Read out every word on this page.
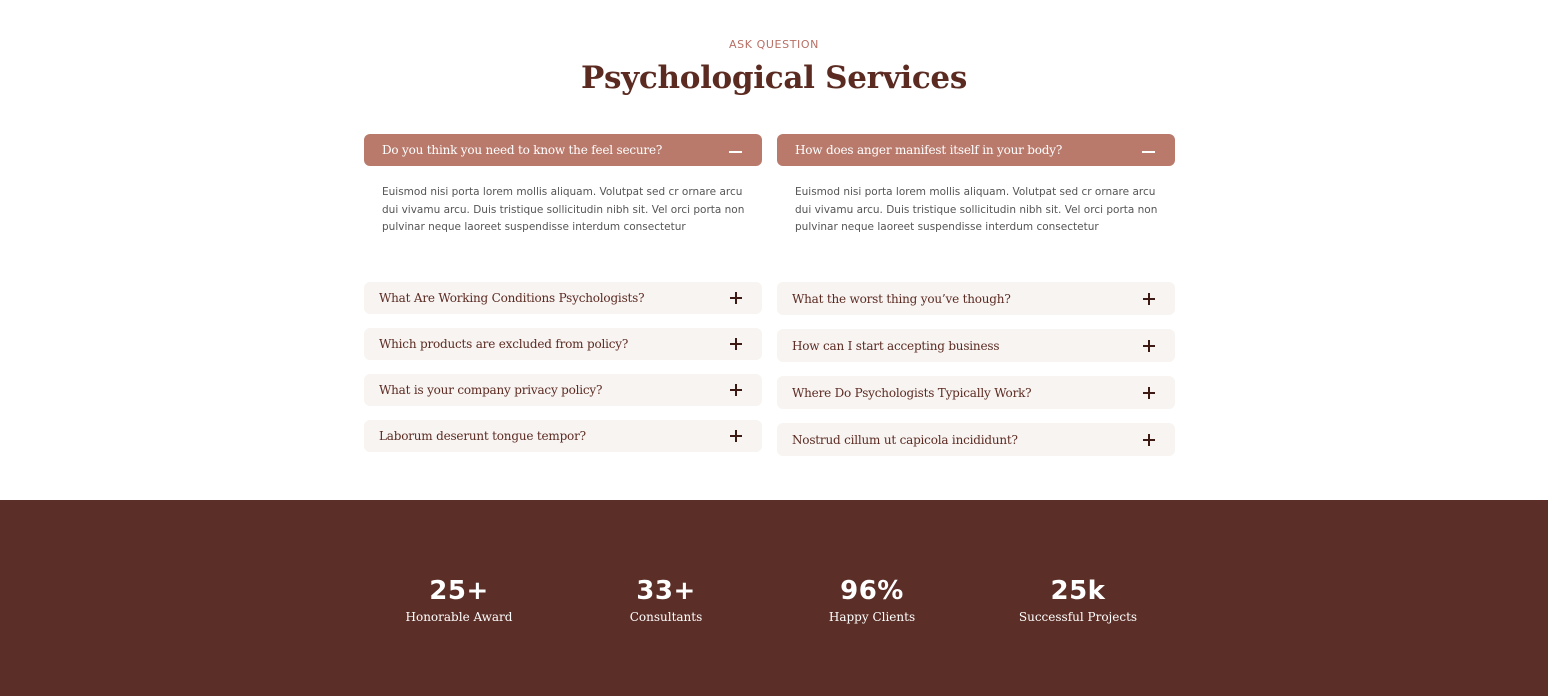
ASK QUESTION
Psychological Services
Do you think you need to know the feel secure?
Euismod nisi porta lorem mollis aliquam. Volutpat sed cr ornare arcu dui vivamu arcu. Duis tristique sollicitudin nibh sit. Vel orci porta non pulvinar neque laoreet suspendisse interdum consectetur
What Are Working Conditions Psychologists?
Which products are excluded from policy?
What is your company privacy policy?
Laborum deserunt tongue tempor?
How does anger manifest itself in your body?
Euismod nisi porta lorem mollis aliquam. Volutpat sed cr ornare arcu dui vivamu arcu. Duis tristique sollicitudin nibh sit. Vel orci porta non pulvinar neque laoreet suspendisse interdum consectetur
What the worst thing you’ve though?
How can I start accepting business
Where Do Psychologists Typically Work?
Nostrud cillum ut capicola incididunt?
25+
Honorable Award
33+
Consultants
96%
Happy Clients
25k
Successful Projects
